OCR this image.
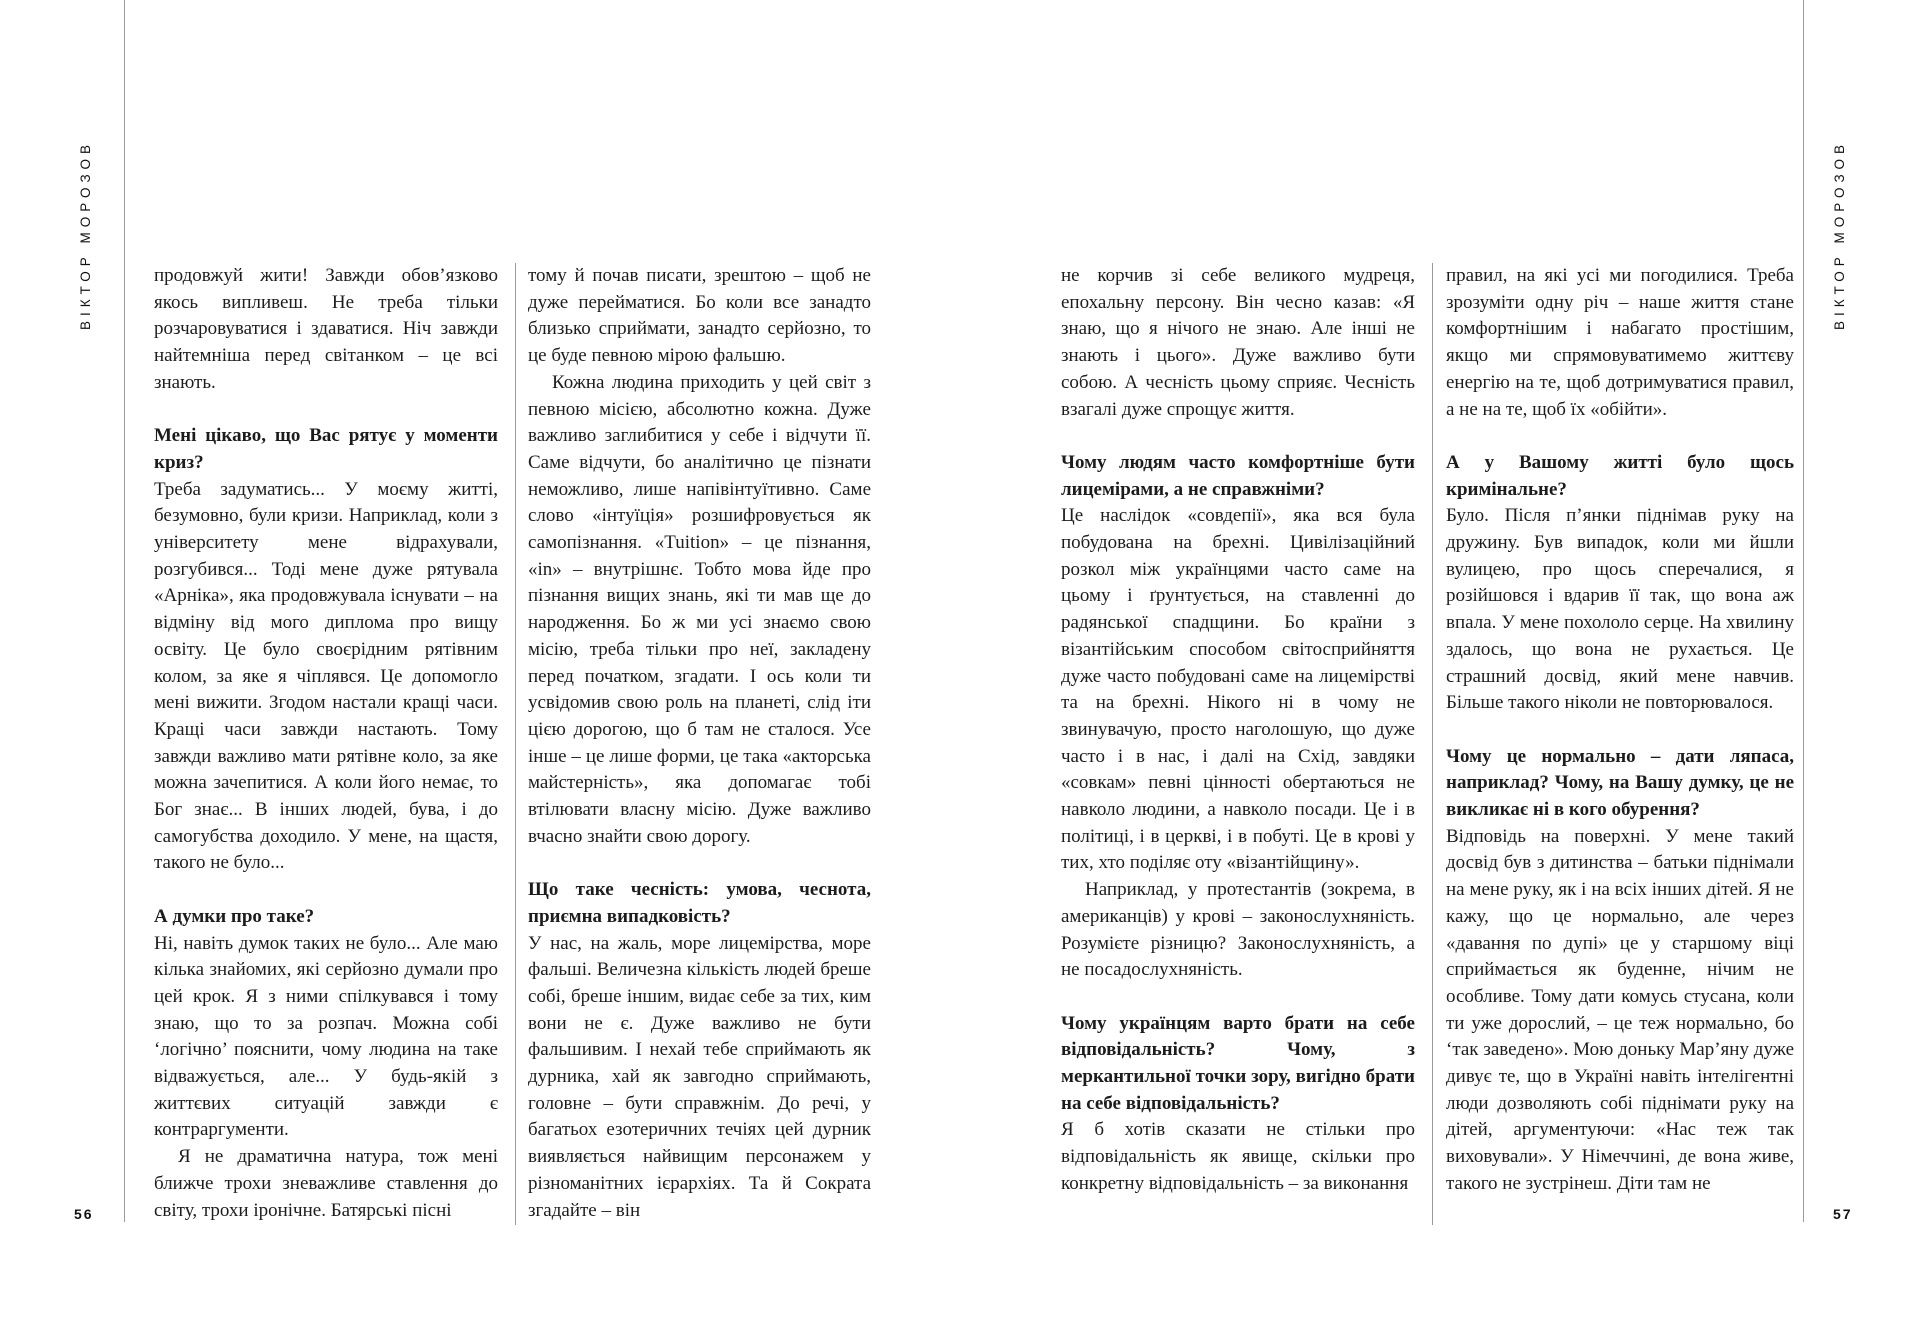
ВІКТОР МОРОЗОВ
56

продовжуй жити! Завжди обов’язково якось випливеш. Не треба тільки розчаровуватися і здаватися. Ніч завжди найтемніша перед світанком – це всі знають.

Мені цікаво, що Вас рятує у моменти криз?

Треба задуматись... У моєму житті, безумовно, були кризи. Наприклад, коли з університету мене відрахували, розгубився... Тоді мене дуже рятувала «Арніка», яка продовжувала існувати – на відміну від мого диплома про вищу освіту. Це було своєрідним рятівним колом, за яке я чіплявся. Це допомогло мені вижити. Згодом настали кращі часи. Кращі часи завжди настають. Тому завжди важливо мати рятівне коло, за яке можна зачепитися. А коли його немає, то Бог знає... В інших людей, бува, і до самогубства доходило. У мене, на щастя, такого не було...

А думки про таке?

Ні, навіть думок таких не було... Але маю кілька знайомих, які серйозно думали про цей крок. Я з ними спілкувався і тому знаю, що то за розпач. Можна собі ‘логічно’ пояснити, чому людина на таке відважується, але... У будь-якій з життєвих ситуацій завжди є контраргументи.

Я не драматична натура, тож мені ближче трохи зневажливе ставлення до світу, трохи іронічне. Батярські пісні

тому й почав писати, зрештою – щоб не дуже перейматися. Бо коли все занадто близько сприймати, занадто серйозно, то це буде певною мірою фальшю.

Кожна людина приходить у цей світ з певною місією, абсолютно кожна. Дуже важливо заглибитися у себе і відчути її. Саме відчути, бо аналітично це пізнати неможливо, лише напівінтуїтивно. Саме слово «інтуїція» розшифровується як самопізнання. «Tuition» – це пізнання, «in» – внутрішнє. Тобто мова йде про пізнання вищих знань, які ти мав ще до народження. Бо ж ми усі знаємо свою місію, треба тільки про неї, закладену перед початком, згадати. І ось коли ти усвідомив свою роль на планеті, слід іти цією дорогою, що б там не сталося. Усе інше – це лише форми, це така «акторська майстерність», яка допомагає тобі втілювати власну місію. Дуже важливо вчасно знайти свою дорогу.

Що таке чесність: умова, чеснота, приємна випадковість?

У нас, на жаль, море лицемірства, море фальші. Величезна кількість людей бреше собі, бреше іншим, видає себе за тих, ким вони не є. Дуже важливо не бути фальшивим. І нехай тебе сприймають як дурника, хай як завгодно сприймають, головне – бути справжнім. До речі, у багатьох езотеричних течіях цей дурник виявляється найвищим персонажем у різноманітних ієрархіях. Та й Сократа згадайте – він

не корчив зі себе великого мудреця, епохальну персону. Він чесно казав: «Я знаю, що я нічого не знаю. Але інші не знають і цього». Дуже важливо бути собою. А чесність цьому сприяє. Чесність взагалі дуже спрощує життя.

Чому людям часто комфортніше бути лицемірами, а не справжніми?

Це наслідок «совдепії», яка вся була побудована на брехні. Цивілізаційний розкол між українцями часто саме на цьому і ґрунтується, на ставленні до радянської спадщини. Бо країни з візантійським способом світосприйняття дуже часто побудовані саме на лицемірстві та на брехні. Нікого ні в чому не звинувачую, просто наголошую, що дуже часто і в нас, і далі на Схід, завдяки «совкам» певні цінності обертаються не навколо людини, а навколо посади. Це і в політиці, і в церкві, і в побуті. Це в крові у тих, хто поділяє оту «візантійщину».

Наприклад, у протестантів (зокрема, в американців) у крові – законослухняність. Розумієте різницю? Законослухняність, а не посадослухняність.

Чому українцям варто брати на себе відповідальність? Чому, з меркантильної точки зору, вигідно брати на себе відповідальність?

Я б хотів сказати не стільки про відповідальність як явище, скільки про конкретну відповідальність – за виконання

правил, на які усі ми погодилися. Треба зрозуміти одну річ – наше життя стане комфортнішим і набагато простішим, якщо ми спрямовуватимемо життєву енергію на те, щоб дотримуватися правил, а не на те, щоб їх «обійти».

А у Вашому житті було щось кримінальне?

Було. Після п’янки піднімав руку на дружину. Був випадок, коли ми йшли вулицею, про щось сперечалися, я розійшовся і вдарив її так, що вона аж впала. У мене похололо серце. На хвилину здалось, що вона не рухається. Це страшний досвід, який мене навчив. Більше такого ніколи не повторювалося.

Чому це нормально – дати ляпаса, наприклад? Чому, на Вашу думку, це не викликає ні в кого обурення?

Відповідь на поверхні. У мене такий досвід був з дитинства – батьки піднімали на мене руку, як і на всіх інших дітей. Я не кажу, що це нормально, але через «давання по дупі» це у старшому віці сприймається як буденне, нічим не особливе. Тому дати комусь стусана, коли ти уже дорослий, – це теж нормально, бо ‘так заведено». Мою доньку Мар’яну дуже дивує те, що в Україні навіть інтелігентні люди дозволяють собі піднімати руку на дітей, аргументуючи: «Нас теж так виховували». У Німеччині, де вона живе, такого не зустрінеш. Діти там не

ВІКТОР МОРОЗОВ
57
